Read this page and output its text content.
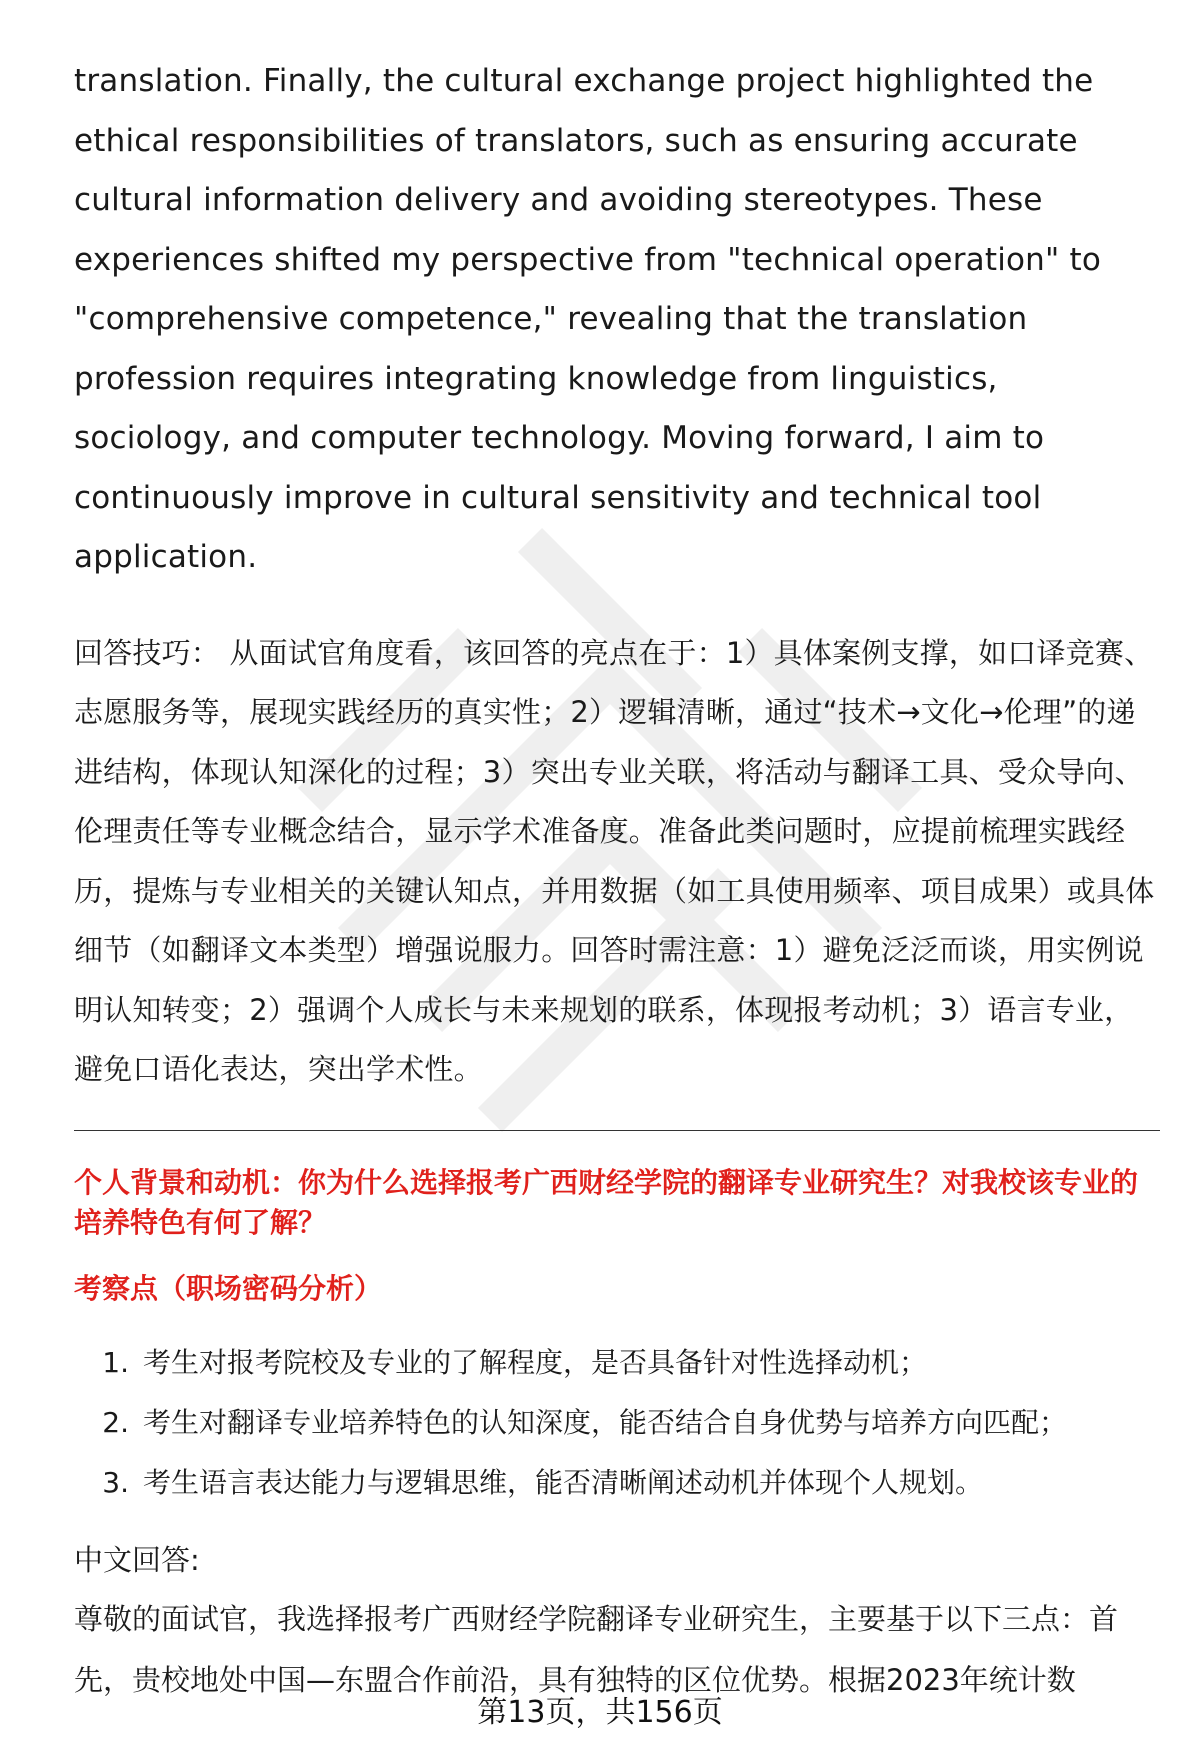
translation. Finally, the cultural exchange project highlighted the ethical responsibilities of translators, such as ensuring accurate cultural information delivery and avoiding stereotypes. These experiences shifted my perspective from "technical operation" to "comprehensive competence," revealing that the translation profession requires integrating knowledge from linguistics, sociology, and computer technology. Moving forward, I aim to continuously improve in cultural sensitivity and technical tool application.

回答技巧： 从面试官角度看，该回答的亮点在于：1）具体案例支撑，如口译竞赛、志愿服务等，展现实践经历的真实性；2）逻辑清晰，通过“技术→文化→伦理”的递进结构，体现认知深化的过程；3）突出专业关联，将活动与翻译工具、受众导向、伦理责任等专业概念结合，显示学术准备度。准备此类问题时，应提前梳理实践经历，提炼与专业相关的关键认知点，并用数据（如工具使用频率、项目成果）或具体细节（如翻译文本类型）增强说服力。回答时需注意：1）避免泛泛而谈，用实例说明认知转变；2）强调个人成长与未来规划的联系，体现报考动机；3）语言专业，避免口语化表达，突出学术性。

个人背景和动机：你为什么选择报考广西财经学院的翻译专业研究生？对我校该专业的培养特色有何了解？
考察点（职场密码分析）
1. 考生对报考院校及专业的了解程度，是否具备针对性选择动机；
2. 考生对翻译专业培养特色的认知深度，能否结合自身优势与培养方向匹配；
3. 考生语言表达能力与逻辑思维，能否清晰阐述动机并体现个人规划。
中文回答:
尊敬的面试官，我选择报考广西财经学院翻译专业研究生，主要基于以下三点：首先，贵校地处中国—东盟合作前沿，具有独特的区位优势。根据2023年统计数
第13页，共156页
